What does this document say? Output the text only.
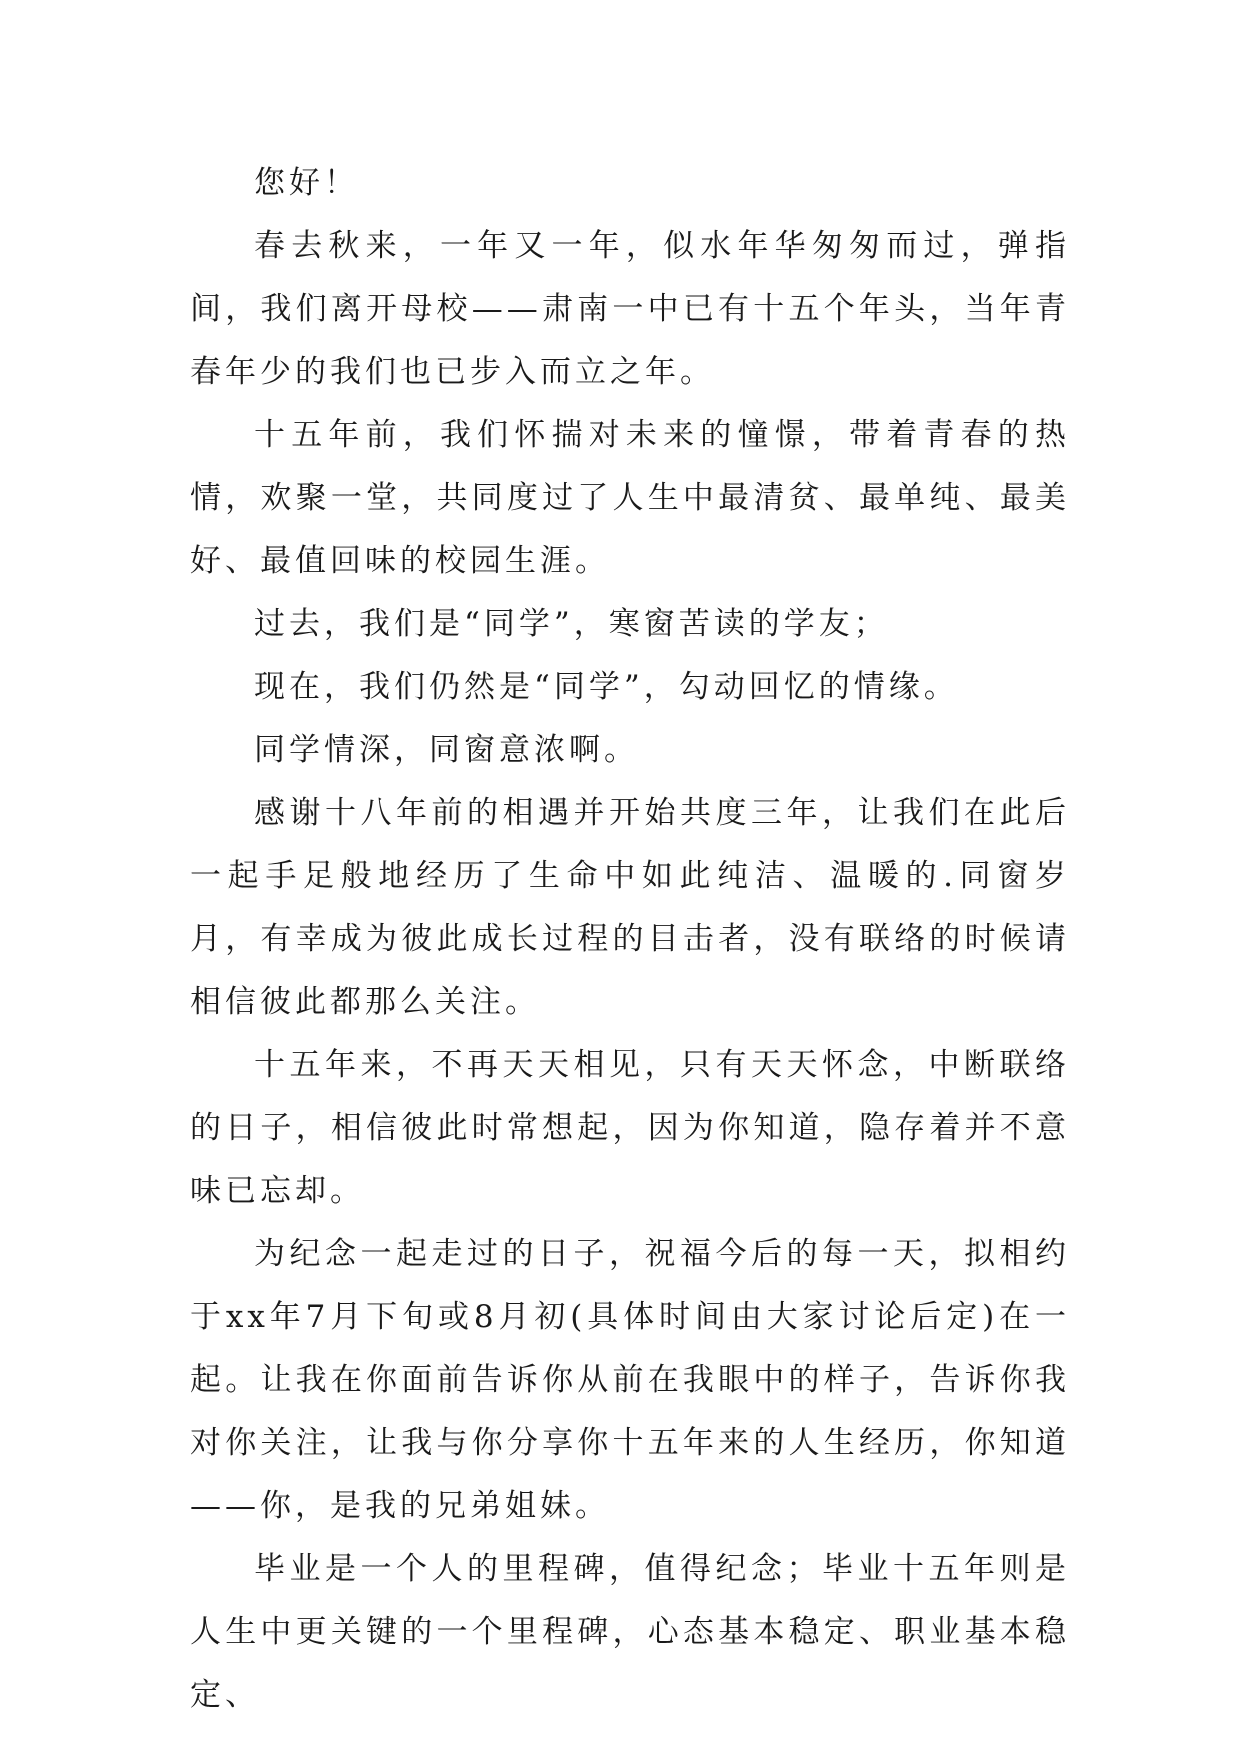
您好！

春去秋来，一年又一年，似水年华匆匆而过，弹指间，我们离开母校——肃南一中已有十五个年头，当年青春年少的我们也已步入而立之年。

十五年前，我们怀揣对未来的憧憬，带着青春的热情，欢聚一堂，共同度过了人生中最清贫、最单纯、最美好、最值回味的校园生涯。

过去，我们是“同学”，寒窗苦读的学友；

现在，我们仍然是“同学”，勾动回忆的情缘。

同学情深，同窗意浓啊。

感谢十八年前的相遇并开始共度三年，让我们在此后一起手足般地经历了生命中如此纯洁、温暖的.同窗岁月，有幸成为彼此成长过程的目击者，没有联络的时候请相信彼此都那么关注。

十五年来，不再天天相见，只有天天怀念，中断联络的日子，相信彼此时常想起，因为你知道，隐存着并不意味已忘却。

为纪念一起走过的日子，祝福今后的每一天，拟相约于xx年7月下旬或8月初(具体时间由大家讨论后定)在一起。让我在你面前告诉你从前在我眼中的样子，告诉你我对你关注，让我与你分享你十五年来的人生经历，你知道——你，是我的兄弟姐妹。

毕业是一个人的里程碑，值得纪念；毕业十五年则是人生中更关键的一个里程碑，心态基本稳定、职业基本稳定、
